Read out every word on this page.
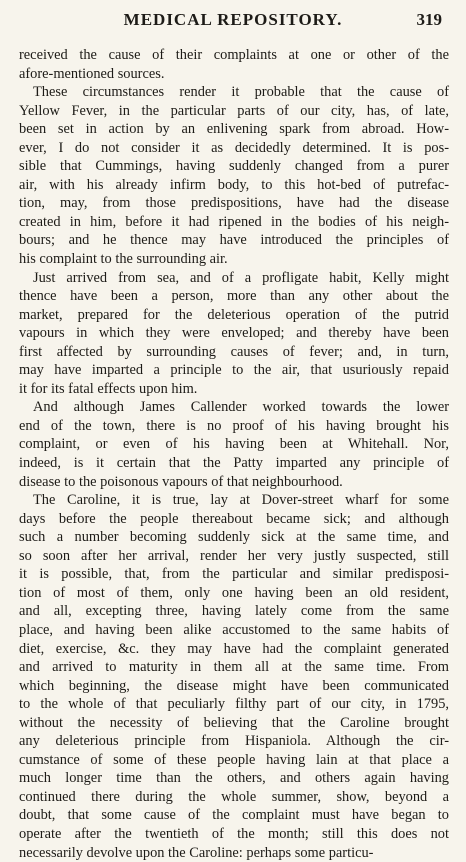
MEDICAL REPOSITORY.	319
received the cause of their complaints at one or other of the
afore-mentioned sources.
These circumstances render it probable that the cause of
Yellow Fever, in the particular parts of our city, has, of late,
been set in action by an enlivening spark from abroad. How-
ever, I do not consider it as decidedly determined. It is pos-
sible that Cummings, having suddenly changed from a purer
air, with his already infirm body, to this hot-bed of putrefac-
tion, may, from those predispositions, have had the disease
created in him, before it had ripened in the bodies of his neigh-
bours; and he thence may have introduced the principles of
his complaint to the surrounding air.
Just arrived from sea, and of a profligate habit, Kelly might
thence have been a person, more than any other about the
market, prepared for the deleterious operation of the putrid
vapours in which they were enveloped; and thereby have been
first affected by surrounding causes of fever; and, in turn,
may have imparted a principle to the air, that usuriously repaid
it for its fatal effects upon him.
And although James Callender worked towards the lower
end of the town, there is no proof of his having brought his
complaint, or even of his having been at Whitehall. Nor,
indeed, is it certain that the Patty imparted any principle of
disease to the poisonous vapours of that neighbourhood.
The Caroline, it is true, lay at Dover-street wharf for some
days before the people thereabout became sick; and although
such a number becoming suddenly sick at the same time, and
so soon after her arrival, render her very justly suspected, still
it is possible, that, from the particular and similar predisposi-
tion of most of them, only one having been an old resident,
and all, excepting three, having lately come from the same
place, and having been alike accustomed to the same habits of
diet, exercise, &c. they may have had the complaint generated
and arrived to maturity in them all at the same time. From
which beginning, the disease might have been communicated
to the whole of that peculiarly filthy part of our city, in 1795,
without the necessity of believing that the Caroline brought
any deleterious principle from Hispaniola. Although the cir-
cumstance of some of these people having lain at that place a
much longer time than the others, and others again having
continued there during the whole summer, show, beyond a
doubt, that some cause of the complaint must have began to
operate after the twentieth of the month; still this does not
necessarily devolve upon the Caroline: perhaps some particu-
